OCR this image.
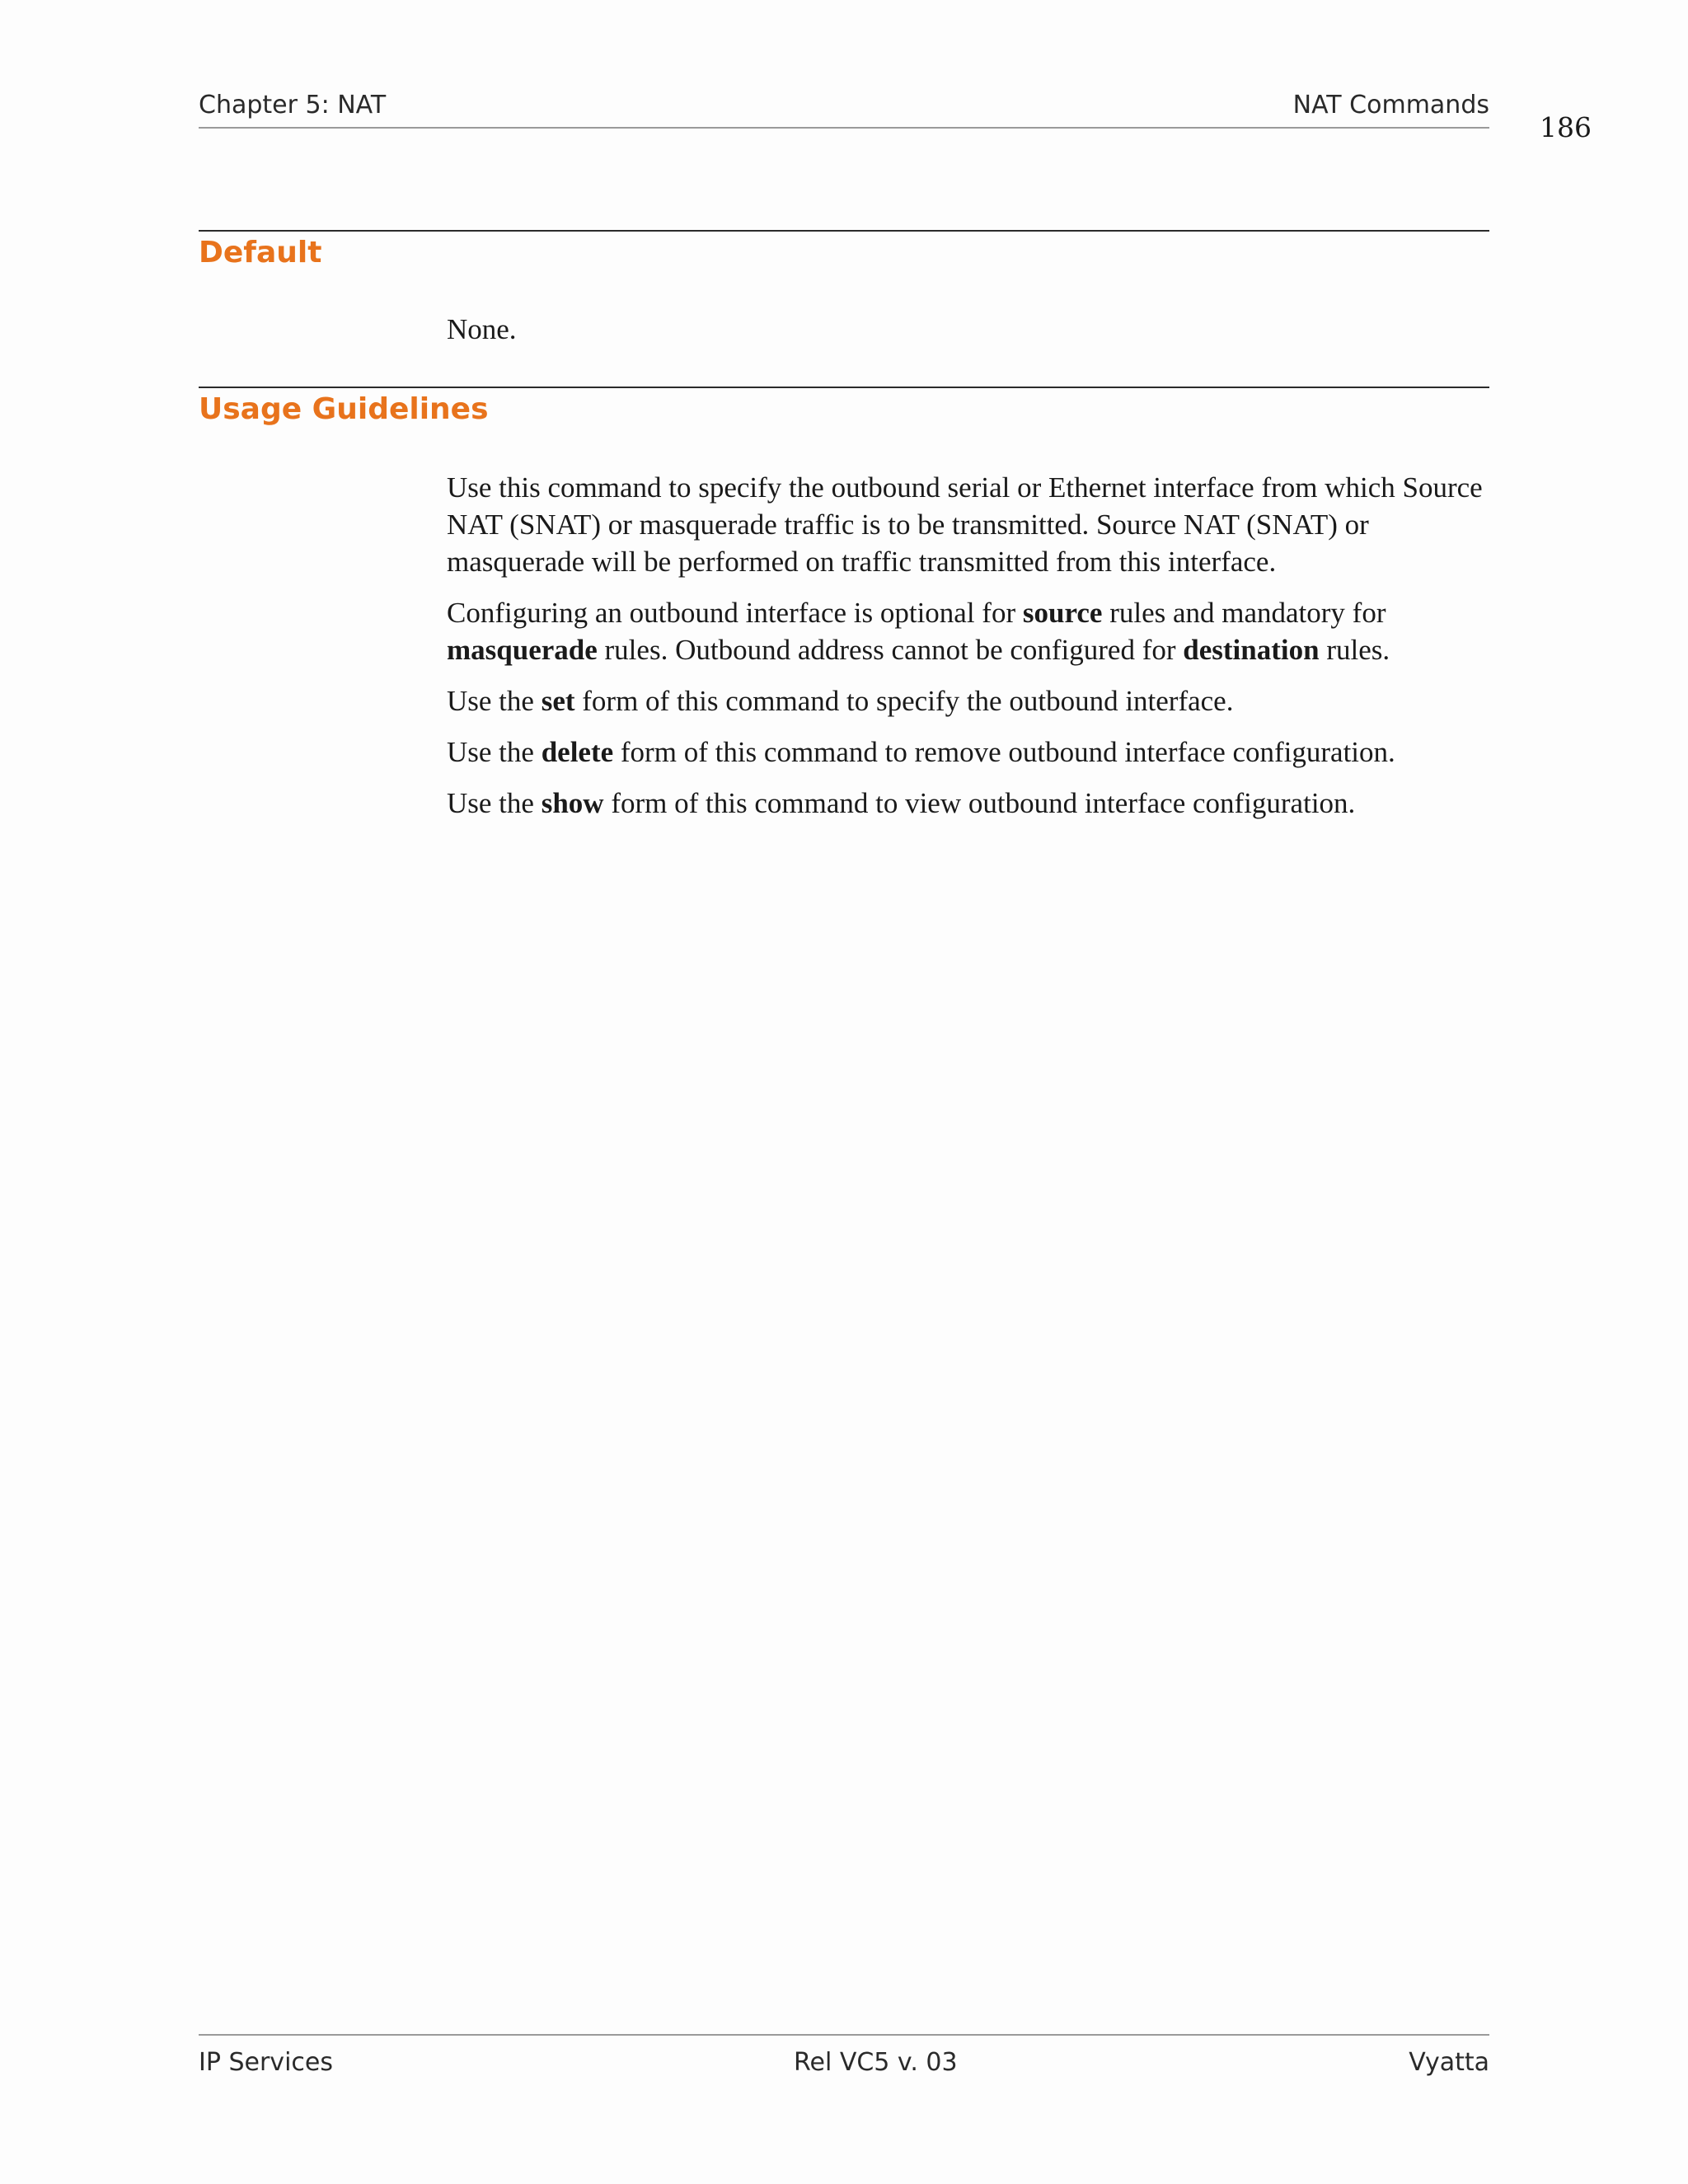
Chapter 5: NAT	NAT Commands
186
Default

None.

Usage Guidelines

Use this command to specify the outbound serial or Ethernet interface from which Source NAT (SNAT) or masquerade traffic is to be transmitted. Source NAT (SNAT) or masquerade will be performed on traffic transmitted from this interface.

Configuring an outbound interface is optional for source rules and mandatory for masquerade rules. Outbound address cannot be configured for destination rules.

Use the set form of this command to specify the outbound interface.

Use the delete form of this command to remove outbound interface configuration.

Use the show form of this command to view outbound interface configuration.

IP Services	Rel VC5 v. 03	Vyatta
